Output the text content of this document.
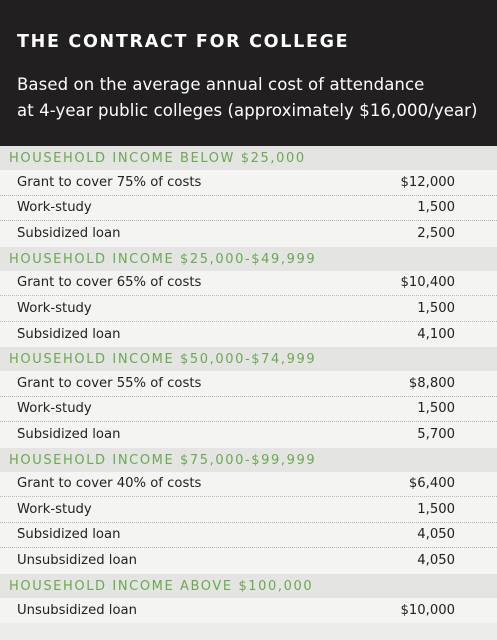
THE CONTRACT FOR COLLEGE
Based on the average annual cost of attendance
at 4-year public colleges (approximately $16,000/year)
HOUSEHOLD INCOME BELOW $25,000
Grant to cover 75% of costs	$12,000
Work-study	1,500
Subsidized loan	2,500
HOUSEHOLD INCOME $25,000-$49,999
Grant to cover 65% of costs	$10,400
Work-study	1,500
Subsidized loan	4,100
HOUSEHOLD INCOME $50,000-$74,999
Grant to cover 55% of costs	$8,800
Work-study	1,500
Subsidized loan	5,700
HOUSEHOLD INCOME $75,000-$99,999
Grant to cover 40% of costs	$6,400
Work-study	1,500
Subsidized loan	4,050
Unsubsidized loan	4,050
HOUSEHOLD INCOME ABOVE $100,000
Unsubsidized loan	$10,000
